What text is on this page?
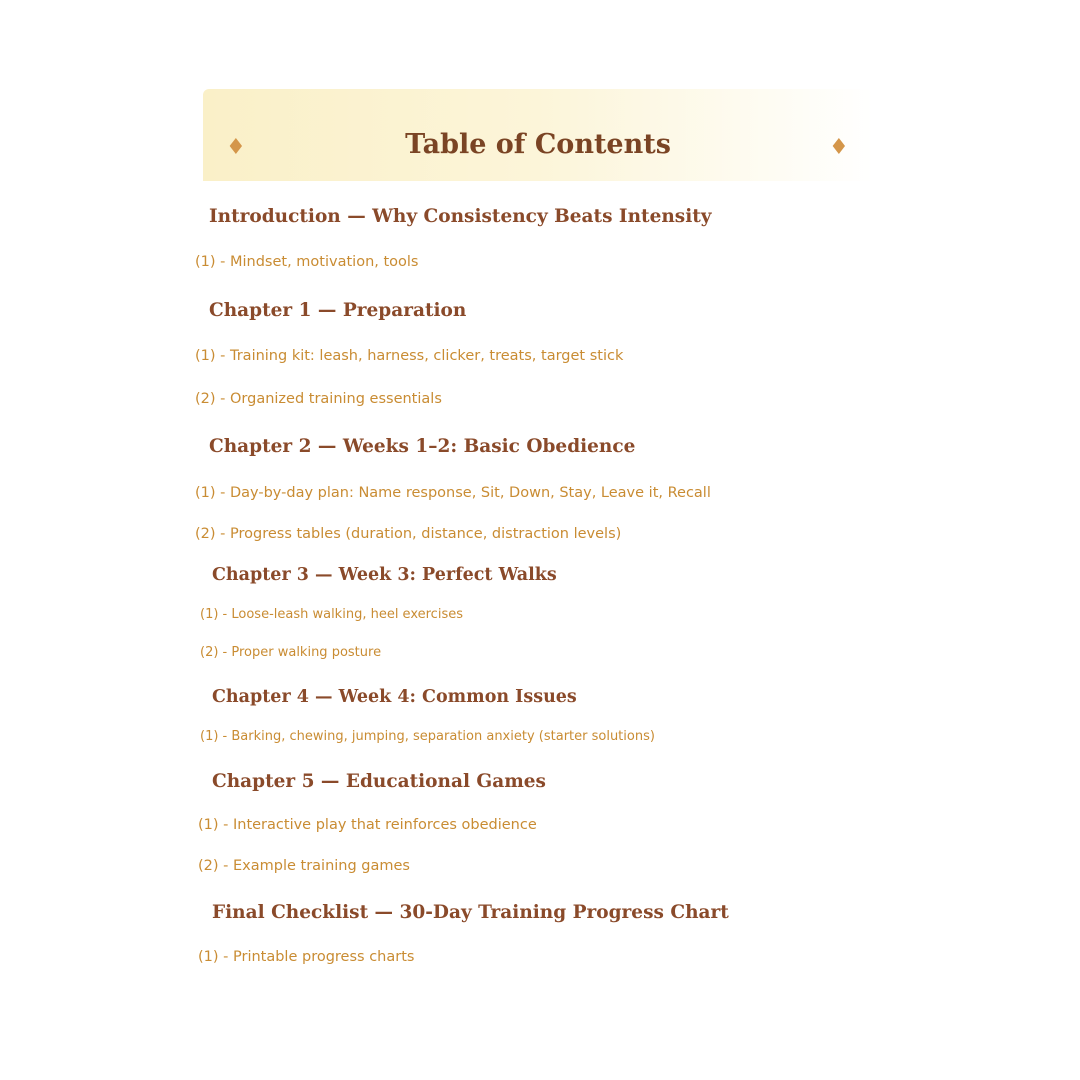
♦	Table of Contents	♦
Introduction — Why Consistency Beats Intensity
(1) - Mindset, motivation, tools
Chapter 1 — Preparation
(1) - Training kit: leash, harness, clicker, treats, target stick
(2) - Organized training essentials
Chapter 2 — Weeks 1–2: Basic Obedience
(1) - Day-by-day plan: Name response, Sit, Down, Stay, Leave it, Recall
(2) - Progress tables (duration, distance, distraction levels)
Chapter 3 — Week 3: Perfect Walks
(1) - Loose-leash walking, heel exercises
(2) - Proper walking posture
Chapter 4 — Week 4: Common Issues
(1) - Barking, chewing, jumping, separation anxiety (starter solutions)
Chapter 5 — Educational Games
(1) - Interactive play that reinforces obedience
(2) - Example training games
Final Checklist — 30-Day Training Progress Chart
(1) - Printable progress charts
